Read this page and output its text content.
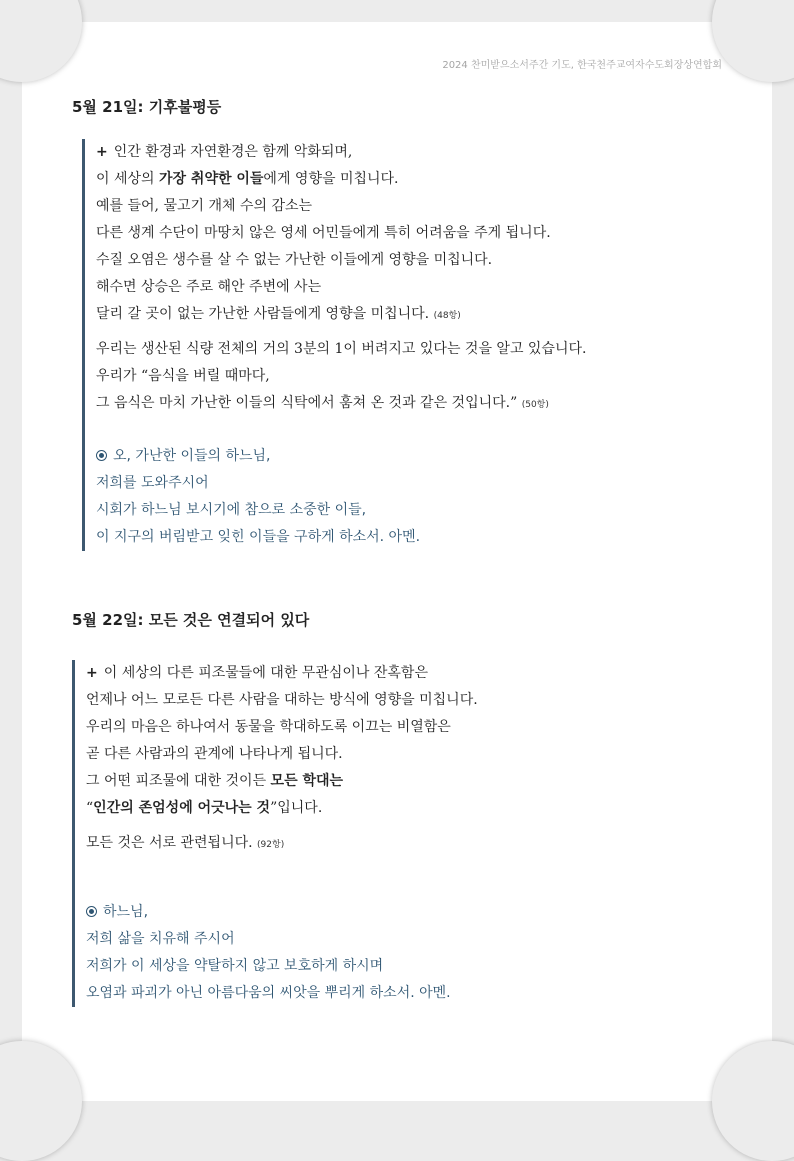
2024 찬미받으소서주간 기도, 한국천주교여자수도회장상연합회
5월 21일: 기후불평등
+ 인간 환경과 자연환경은 함께 악화되며,
이 세상의 가장 취약한 이들에게 영향을 미칩니다.
예를 들어, 물고기 개체 수의 감소는
다른 생계 수단이 마땅치 않은 영세 어민들에게 특히 어려움을 주게 됩니다.
수질 오염은 생수를 살 수 없는 가난한 이들에게 영향을 미칩니다.
해수면 상승은 주로 해안 주변에 사는
달리 갈 곳이 없는 가난한 사람들에게 영향을 미칩니다. (48항)
우리는 생산된 식량 전체의 거의 3분의 1이 버려지고 있다는 것을 알고 있습니다.
우리가 “음식을 버릴 때마다,
그 음식은 마치 가난한 이들의 식탁에서 훔쳐 온 것과 같은 것입니다.” (50항)
오, 가난한 이들의 하느님,
저희를 도와주시어
시회가 하느님 보시기에 참으로 소중한 이들,
이 지구의 버림받고 잊힌 이들을 구하게 하소서. 아멘.
5월 22일: 모든 것은 연결되어 있다
+ 이 세상의 다른 피조물들에 대한 무관심이나 잔혹함은
언제나 어느 모로든 다른 사람을 대하는 방식에 영향을 미칩니다.
우리의 마음은 하나여서 동물을 학대하도록 이끄는 비열함은
곧 다른 사람과의 관계에 나타나게 됩니다.
그 어떤 피조물에 대한 것이든 모든 학대는
“인간의 존엄성에 어긋나는 것”입니다.
모든 것은 서로 관련됩니다. (92항)
하느님,
저희 삶을 치유해 주시어
저희가 이 세상을 약탈하지 않고 보호하게 하시며
오염과 파괴가 아닌 아름다움의 씨앗을 뿌리게 하소서. 아멘.
